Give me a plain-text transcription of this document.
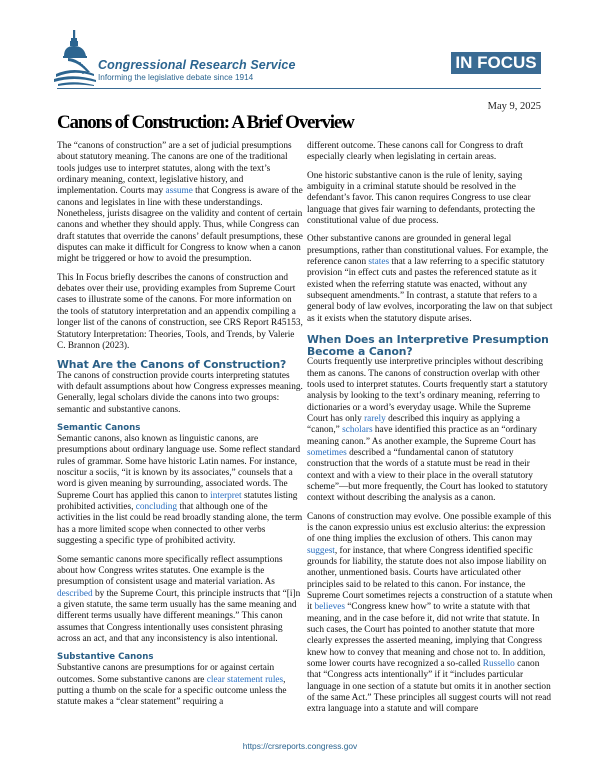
Congressional Research Service
Informing the legislative debate since 1914
IN FOCUS
May 9, 2025
Canons of Construction: A Brief Overview

The “canons of construction” are a set of judicial presumptions about statutory meaning. The canons are one of the traditional tools judges use to interpret statutes, along with the text’s ordinary meaning, context, legislative history, and implementation. Courts may assume that Congress is aware of the canons and legislates in line with these understandings. Nonetheless, jurists disagree on the validity and content of certain canons and whether they should apply. Thus, while Congress can draft statutes that override the canons’ default presumptions, these disputes can make it difficult for Congress to know when a canon might be triggered or how to avoid the presumption.

This In Focus briefly describes the canons of construction and debates over their use, providing examples from Supreme Court cases to illustrate some of the canons. For more information on the tools of statutory interpretation and an appendix compiling a longer list of the canons of construction, see CRS Report R45153, Statutory Interpretation: Theories, Tools, and Trends, by Valerie C. Brannon (2023).

What Are the Canons of Construction?

The canons of construction provide courts interpreting statutes with default assumptions about how Congress expresses meaning. Generally, legal scholars divide the canons into two groups: semantic and substantive canons.

Semantic Canons

Semantic canons, also known as linguistic canons, are presumptions about ordinary language use. Some reflect standard rules of grammar. Some have historic Latin names. For instance, noscitur a sociis, “it is known by its associates,” counsels that a word is given meaning by surrounding, associated words. The Supreme Court has applied this canon to interpret statutes listing prohibited activities, concluding that although one of the activities in the list could be read broadly standing alone, the term has a more limited scope when connected to other verbs suggesting a specific type of prohibited activity.

Some semantic canons more specifically reflect assumptions about how Congress writes statutes. One example is the presumption of consistent usage and material variation. As described by the Supreme Court, this principle instructs that “[i]n a given statute, the same term usually has the same meaning and different terms usually have different meanings.” This canon assumes that Congress intentionally uses consistent phrasing across an act, and that any inconsistency is also intentional.

Substantive Canons

Substantive canons are presumptions for or against certain outcomes. Some substantive canons are clear statement rules, putting a thumb on the scale for a specific outcome unless the statute makes a “clear statement” requiring a

different outcome. These canons call for Congress to draft especially clearly when legislating in certain areas.

One historic substantive canon is the rule of lenity, saying ambiguity in a criminal statute should be resolved in the defendant’s favor. This canon requires Congress to use clear language that gives fair warning to defendants, protecting the constitutional value of due process.

Other substantive canons are grounded in general legal presumptions, rather than constitutional values. For example, the reference canon states that a law referring to a specific statutory provision “in effect cuts and pastes the referenced statute as it existed when the referring statute was enacted, without any subsequent amendments.” In contrast, a statute that refers to a general body of law evolves, incorporating the law on that subject as it exists when the statutory dispute arises.

When Does an Interpretive Presumption Become a Canon?

Courts frequently use interpretive principles without describing them as canons. The canons of construction overlap with other tools used to interpret statutes. Courts frequently start a statutory analysis by looking to the text’s ordinary meaning, referring to dictionaries or a word’s everyday usage. While the Supreme Court has only rarely described this inquiry as applying a “canon,” scholars have identified this practice as an “ordinary meaning canon.” As another example, the Supreme Court has sometimes described a “fundamental canon of statutory construction that the words of a statute must be read in their context and with a view to their place in the overall statutory scheme”—but more frequently, the Court has looked to statutory context without describing the analysis as a canon.

Canons of construction may evolve. One possible example of this is the canon expressio unius est exclusio alterius: the expression of one thing implies the exclusion of others. This canon may suggest, for instance, that where Congress identified specific grounds for liability, the statute does not also impose liability on another, unmentioned basis. Courts have articulated other principles said to be related to this canon. For instance, the Supreme Court sometimes rejects a construction of a statute when it believes “Congress knew how” to write a statute with that meaning, and in the case before it, did not write that statute. In such cases, the Court has pointed to another statute that more clearly expresses the asserted meaning, implying that Congress knew how to convey that meaning and chose not to. In addition, some lower courts have recognized a so-called Russello canon that “Congress acts intentionally” if it “includes particular language in one section of a statute but omits it in another section of the same Act.” These principles all suggest courts will not read extra language into a statute and will compare

https://crsreports.congress.gov
